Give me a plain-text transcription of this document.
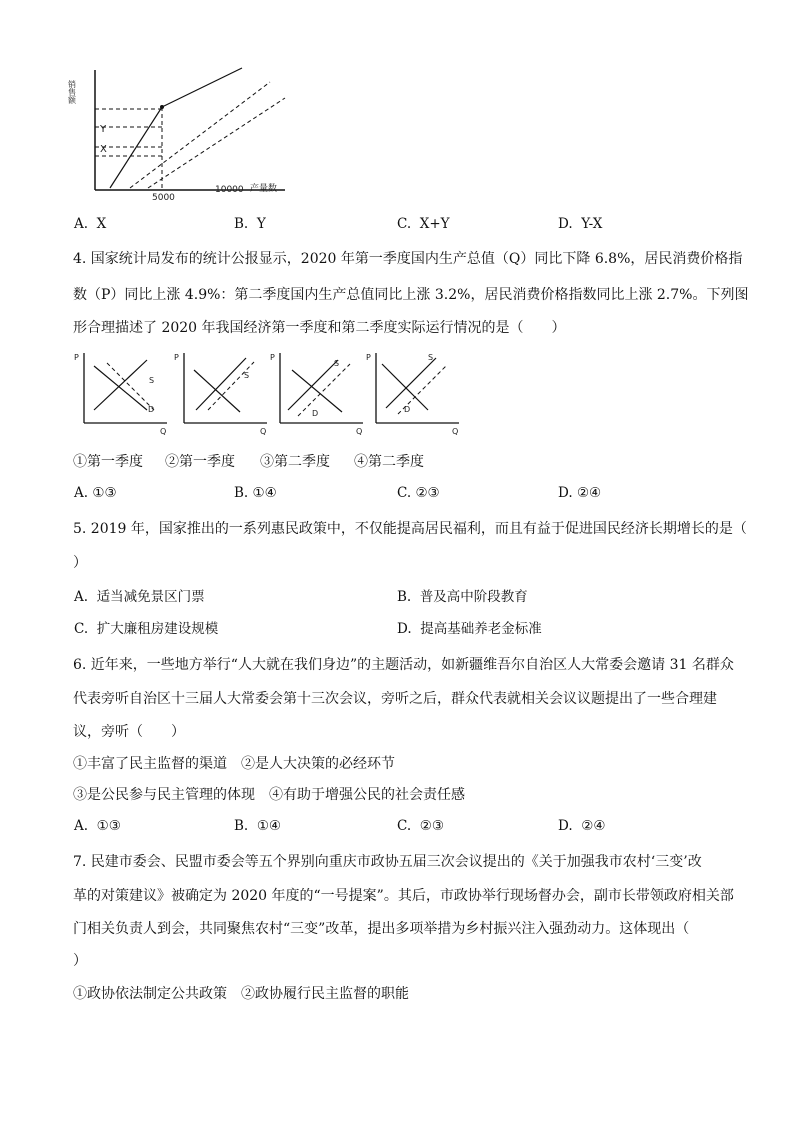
销售额
Y
X
5000
10000 产量数
A. X	B. Y	C. X+Y	D. Y-X
4. 国家统计局发布的统计公报显示，2020 年第一季度国内生产总值（Q）同比下降 6.8%，居民消费价格指
数（P）同比上涨 4.9%：第二季度国内生产总值同比上涨 3.2%，居民消费价格指数同比上涨 2.7%。下列图
形合理描述了 2020 年我国经济第一季度和第二季度实际运行情况的是（　　）
P
Q
S
D
P
Q
S
P
Q
S
D
P
Q
S
D
①第一季度 ②第一季度 ③第二季度 ④第二季度
A. ①③	B. ①④	C. ②③	D. ②④
5. 2019 年，国家推出的一系列惠民政策中，不仅能提高居民福利，而且有益于促进国民经济长期增长的是（
）
A. 适当减免景区门票	B. 普及高中阶段教育
C. 扩大廉租房建设规模	D. 提高基础养老金标准
6. 近年来，一些地方举行“人大就在我们身边”的主题活动，如新疆维吾尔自治区人大常委会邀请 31 名群众
代表旁听自治区十三届人大常委会第十三次会议，旁听之后，群众代表就相关会议议题提出了一些合理建
议，旁听（　　）
①丰富了民主监督的渠道　②是人大决策的必经环节
③是公民参与民主管理的体现　④有助于增强公民的社会责任感
A. ①③	B. ①④	C. ②③	D. ②④
7. 民建市委会、民盟市委会等五个界别向重庆市政协五届三次会议提出的《关于加强我市农村‘三变’改
革的对策建议》被确定为 2020 年度的“一号提案”。其后，市政协举行现场督办会，副市长带领政府相关部
门相关负责人到会，共同聚焦农村“三变”改革，提出多项举措为乡村振兴注入强劲动力。这体现出（
）
①政协依法制定公共政策　②政协履行民主监督的职能
